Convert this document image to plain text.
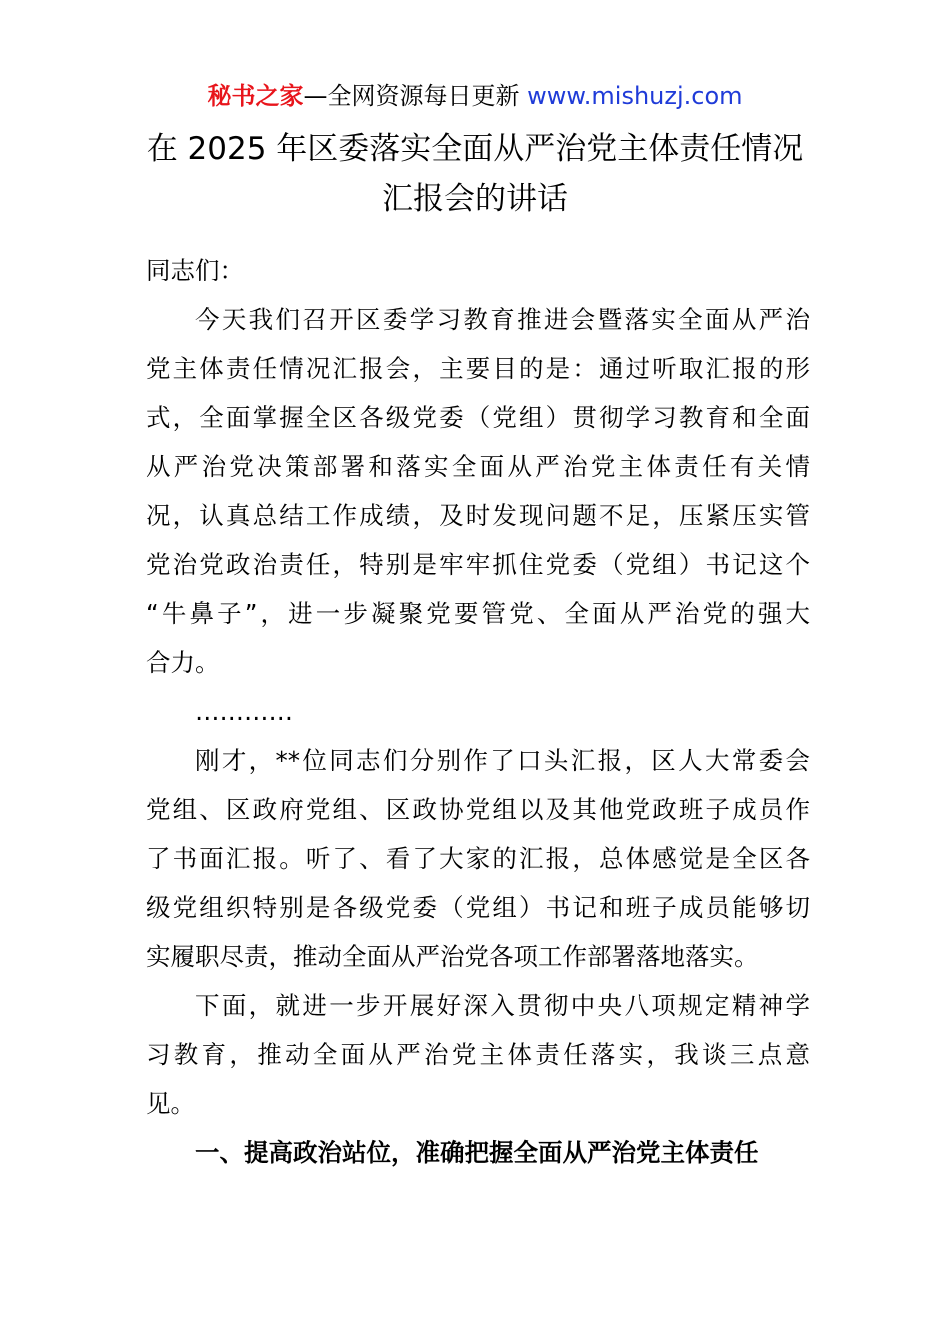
秘书之家—全网资源每日更新 www.mishuzj.com
在 2025 年区委落实全面从严治党主体责任情况
汇报会的讲话
同志们：
今天我们召开区委学习教育推进会暨落实全面从严治
党主体责任情况汇报会，主要目的是：通过听取汇报的形
式，全面掌握全区各级党委（党组）贯彻学习教育和全面
从严治党决策部署和落实全面从严治党主体责任有关情
况，认真总结工作成绩，及时发现问题不足，压紧压实管
党治党政治责任，特别是牢牢抓住党委（党组）书记这个
“牛鼻子”，进一步凝聚党要管党、全面从严治党的强大
合力。
…………
刚才，**位同志们分别作了口头汇报，区人大常委会
党组、区政府党组、区政协党组以及其他党政班子成员作
了书面汇报。听了、看了大家的汇报，总体感觉是全区各
级党组织特别是各级党委（党组）书记和班子成员能够切
实履职尽责，推动全面从严治党各项工作部署落地落实。
下面，就进一步开展好深入贯彻中央八项规定精神学
习教育，推动全面从严治党主体责任落实，我谈三点意
见。
一、提高政治站位，准确把握全面从严治党主体责任
